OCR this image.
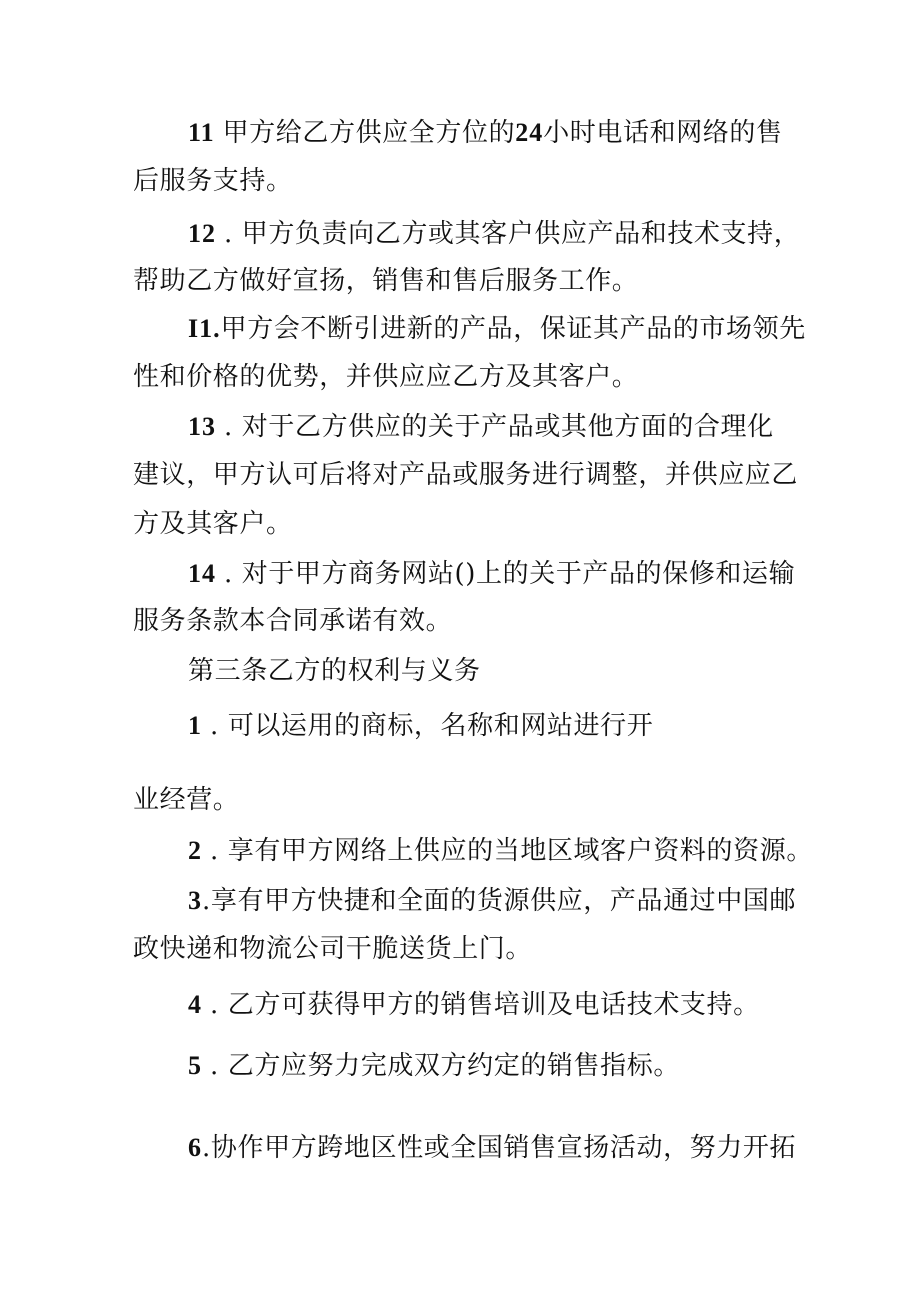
11 甲方给乙方供应全方位的24小时电话和网络的售
后服务支持。
12 . 甲方负责向乙方或其客户供应产品和技术支持，
帮助乙方做好宣扬，销售和售后服务工作。
I1.甲方会不断引进新的产品，保证其产品的市场领先
性和价格的优势，并供应应乙方及其客户。
13 . 对于乙方供应的关于产品或其他方面的合理化
建议，甲方认可后将对产品或服务进行调整，并供应应乙
方及其客户。
14 . 对于甲方商务网站()上的关于产品的保修和运输
服务条款本合同承诺有效。
第三条乙方的权利与义务
1 . 可以运用的商标，名称和网站进行开
业经营。
2 . 享有甲方网络上供应的当地区域客户资料的资源。
3.享有甲方快捷和全面的货源供应，产品通过中国邮
政快递和物流公司干脆送货上门。
4 . 乙方可获得甲方的销售培训及电话技术支持。
5 . 乙方应努力完成双方约定的销售指标。
6.协作甲方跨地区性或全国销售宣扬活动，努力开拓
